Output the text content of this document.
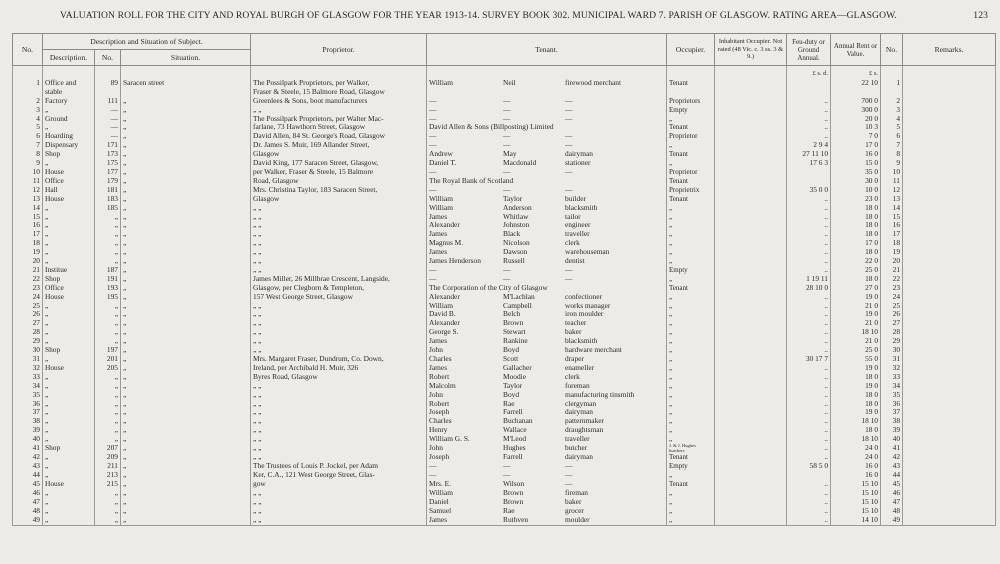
VALUATION ROLL FOR THE CITY AND ROYAL BURGH OF GLASGOW FOR THE YEAR 1913-14. SURVEY BOOK 302. MUNICIPAL WARD 7. PARISH OF GLASGOW. RATING AREA—GLASGOW.	123
No.	Description and Situation of Subject.			Proprietor.	Tenant.	Occupier.	Inhabitant Occupier. Not rated (48 Vic. c. 3 ss. 3 & 9.)	Feu-duty or Ground Annual.	Annual Rent or Value.	No.	Remarks.
	Description.	No.	Situation.								
								£ s. d.	£ s.		
1	Office and	89	Saracen street	The Possilpark Proprietors, per Walker,	William Neil firewood merchant	Tenant			22 10	1	
	stable			Fraser & Steele, 15 Balmore Road, Glasgow							
2	Factory	111	„	Greenlees & Sons, boot manufacturers	— — —	Proprietors		..	700 0	2	
3	„	—	„	„ „	— — —	Empty		..	300 0	3	
4	Ground	—	„	The Possilpark Proprietors, per Walter Mac-	— — —	„		..	20 0	4	
5	„	—	„	farlane, 73 Hawthorn Street, Glasgow	David Allen & Sons (Billposting) Limited	Tenant		..	10 3	5	
6	Hoarding	—	„	David Allen, 84 St. George's Road, Glasgow	— — —	Proprietor		..	7 0	6	
7	Dispensary	171	„	Dr. James S. Muir, 169 Allander Street,	— — —	„		2 9 4	17 0	7	
8	Shop	173	„	Glasgow	Andrew May dairyman	Tenant		27 11 10	16 0	8	
9	„	175	„	David King, 177 Saracen Street, Glasgow,	Daniel T. Macdonald stationer	„		17 6 3	15 0	9	
10	House	177	„	per Walker, Fraser & Steele, 15 Balmore	— — —	Proprietor			35 0	10	
11	Office	179	„	Road, Glasgow	The Royal Bank of Scotland	Tenant			30 0	11	
12	Hall	181	„	Mrs. Christina Taylor, 183 Saracen Street,	— — —	Proprietrix		35 0 0	10 0	12	
13	House	183	„	Glasgow	William Taylor builder	Tenant		..	23 0	13	
14	„	185	„	„ „	William Anderson blacksmith	„		..	18 0	14	
15	„	„	„	„ „	James Whitlaw tailor	„		..	18 0	15	
16	„	„	„	„ „	Alexander Johnston engineer	„		..	18 0	16	
17	„	„	„	„ „	James Black traveller	„		..	18 0	17	
18	„	„	„	„ „	Magnus M. Nicolson clerk	„		..	17 0	18	
19	„	„	„	„ „	James Dawson warehouseman	„		..	18 0	19	
20	„	„	„	„ „	James Henderson Russell dentist	„		..	22 0	20	
21	Institue	187	„	„ „	— — —	Empty		..	25 0	21	
22	Shop	191	„	James Miller, 26 Millbrae Crescent, Langside,	— — —	„		1 19 11	18 0	22	
23	Office	193	„	Glasgow, per Clegborn & Templeton,	The Corporation of the City of Glasgow	Tenant		28 10 0	27 0	23	
24	House	195	„	157 West George Street, Glasgow	Alexander M'Lachlan confectioner	„		..	19 0	24	
25	„	„	„	„ „	William Campbell works manager	„		..	21 0	25	
26	„	„	„	„ „	David B. Belch iron moulder	„		..	19 0	26	
27	„	„	„	„ „	Alexander Brown teacher	„		..	21 0	27	
28	„	„	„	„ „	George S. Stewart baker	„		..	18 10	28	
29	„	„	„	„ „	James Rankine blacksmith	„		..	21 0	29	
30	Shop	197	„	„ „	John Boyd hardware merchant	„		..	25 0	30	
31	„	201	„	Mrs. Margaret Fraser, Dundrum, Co. Down,	Charles Scott draper	„		30 17 7	55 0	31	
32	House	205	„	Ireland, per Archibald H. Muir, 326	James Gallacher enameller	„		..	19 0	32	
33	„	„	„	Byres Road, Glasgow	Robert Moodie clerk	„		..	18 0	33	
34	„	„	„	„ „	Malcolm Taylor foreman	„		..	19 0	34	
35	„	„	„	„ „	John Boyd manufacturing tinsmith	„		..	18 0	35	
36	„	„	„	„ „	Robert Rae clergyman	„		..	18 0	36	
37	„	„	„	„ „	Joseph Farrell dairyman	„		..	19 0	37	
38	„	„	„	„ „	Charles Buchanan patternmaker	„		..	18 10	38	
39	„	„	„	„ „	Henry Wallace draughtsman	„		..	18 0	39	
40	„	„	„	„ „	William G. S. M'Leod traveller	„		..	18 10	40	
41	Shop	207	„	„ „	John Hughes butcher	J. & J. Hughes butchers		..	24 0	41	
42	„	209	„	„ „	Joseph Farrell dairyman	Tenant		..	24 0	42	
43	„	211	„	The Trustees of Louis P. Jockel, per Adam	— — —	Empty		58 5 0	16 0	43	
44	„	213	„	Ker, C.A., 121 West George Street, Glas-	— — —	„			16 0	44	
45	House	215	„	gow	Mrs. E. Wilson —	Tenant		..	15 10	45	
46	„	„	„	„ „	William Brown fireman	„		..	15 10	46	
47	„	„	„	„ „	Daniel Brown baker	„		..	15 10	47	
48	„	„	„	„ „	Samuel Rae grocer	„		..	15 10	48	
49	„	„	„	„ „	James Ruthven moulder	„		..	14 10	49	
